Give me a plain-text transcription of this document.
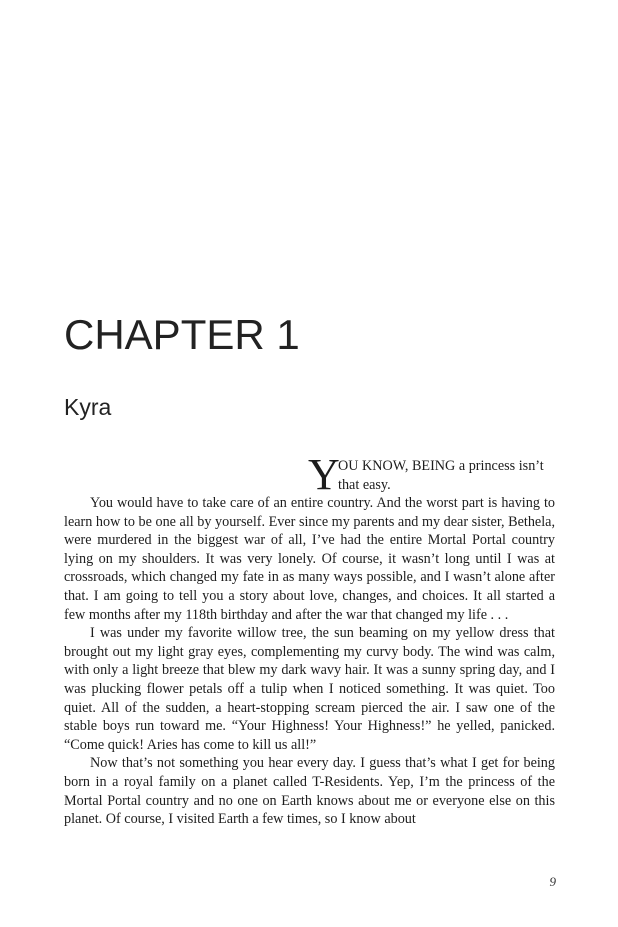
CHAPTER 1
Kyra
Y

OU KNOW, BEING a princess isn’t that easy.

You would have to take care of an entire country. And the worst part is having to learn how to be one all by yourself. Ever since my parents and my dear sister, Bethela, were murdered in the biggest war of all, I’ve had the entire Mortal Portal country lying on my shoulders. It was very lonely. Of course, it wasn’t long until I was at crossroads, which changed my fate in as many ways possible, and I wasn’t alone after that. I am going to tell you a story about love, changes, and choices. It all started a few months after my 118th birthday and after the war that changed my life . . .

I was under my favorite willow tree, the sun beaming on my yellow dress that brought out my light gray eyes, complementing my curvy body. The wind was calm, with only a light breeze that blew my dark wavy hair. It was a sunny spring day, and I was plucking flower petals off a tulip when I noticed something. It was quiet. Too quiet. All of the sudden, a heart-stopping scream pierced the air. I saw one of the stable boys run toward me. “Your Highness! Your Highness!” he yelled, panicked. “Come quick! Aries has come to kill us all!”

Now that’s not something you hear every day. I guess that’s what I get for being born in a royal family on a planet called T-Residents. Yep, I’m the princess of the Mortal Portal country and no one on Earth knows about me or everyone else on this planet. Of course, I visited Earth a few times, so I know about

9
